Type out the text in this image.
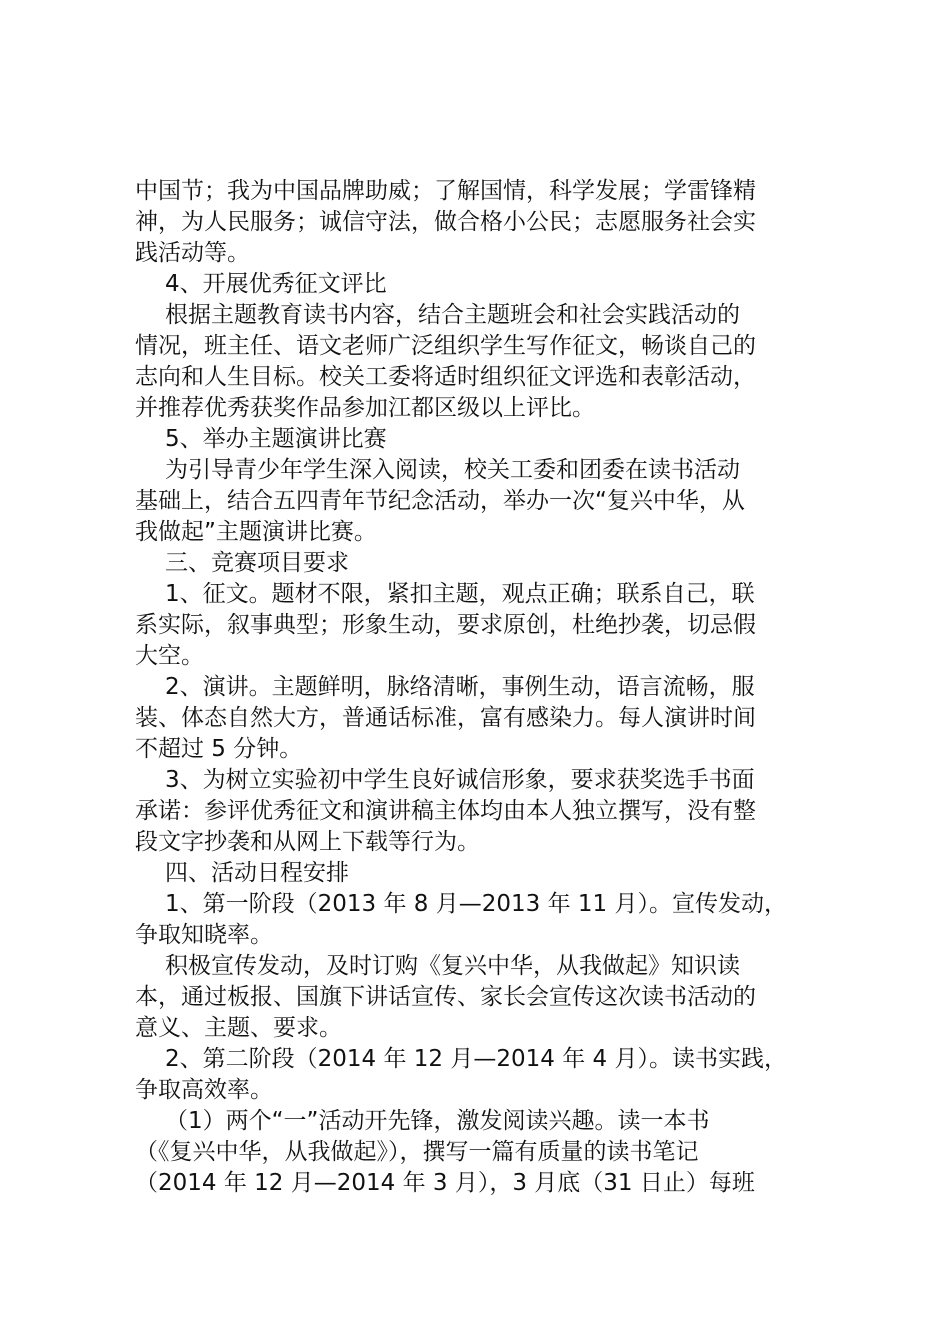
中国节；我为中国品牌助威；了解国情，科学发展；学雷锋精
神，为人民服务；诚信守法，做合格小公民；志愿服务社会实
践活动等。
4、开展优秀征文评比
根据主题教育读书内容，结合主题班会和社会实践活动的
情况，班主任、语文老师广泛组织学生写作征文，畅谈自己的
志向和人生目标。校关工委将适时组织征文评选和表彰活动，
并推荐优秀获奖作品参加江都区级以上评比。
5、举办主题演讲比赛
为引导青少年学生深入阅读，校关工委和团委在读书活动
基础上，结合五四青年节纪念活动，举办一次“复兴中华，从
我做起”主题演讲比赛。
三、竞赛项目要求
1、征文。题材不限，紧扣主题，观点正确；联系自己，联
系实际，叙事典型；形象生动，要求原创，杜绝抄袭，切忌假
大空。
2、演讲。主题鲜明，脉络清晰，事例生动，语言流畅，服
装、体态自然大方，普通话标准，富有感染力。每人演讲时间
不超过 5 分钟。
3、为树立实验初中学生良好诚信形象，要求获奖选手书面
承诺：参评优秀征文和演讲稿主体均由本人独立撰写，没有整
段文字抄袭和从网上下载等行为。
四、活动日程安排
1、第一阶段（2013 年 8 月—2013 年 11 月）。宣传发动，
争取知晓率。
积极宣传发动，及时订购《复兴中华，从我做起》知识读
本，通过板报、国旗下讲话宣传、家长会宣传这次读书活动的
意义、主题、要求。
2、第二阶段（2014 年 12 月—2014 年 4 月）。读书实践，
争取高效率。
（1）两个“一”活动开先锋，激发阅读兴趣。读一本书
（《复兴中华，从我做起》），撰写一篇有质量的读书笔记
（2014 年 12 月—2014 年 3 月），3 月底（31 日止）每班
